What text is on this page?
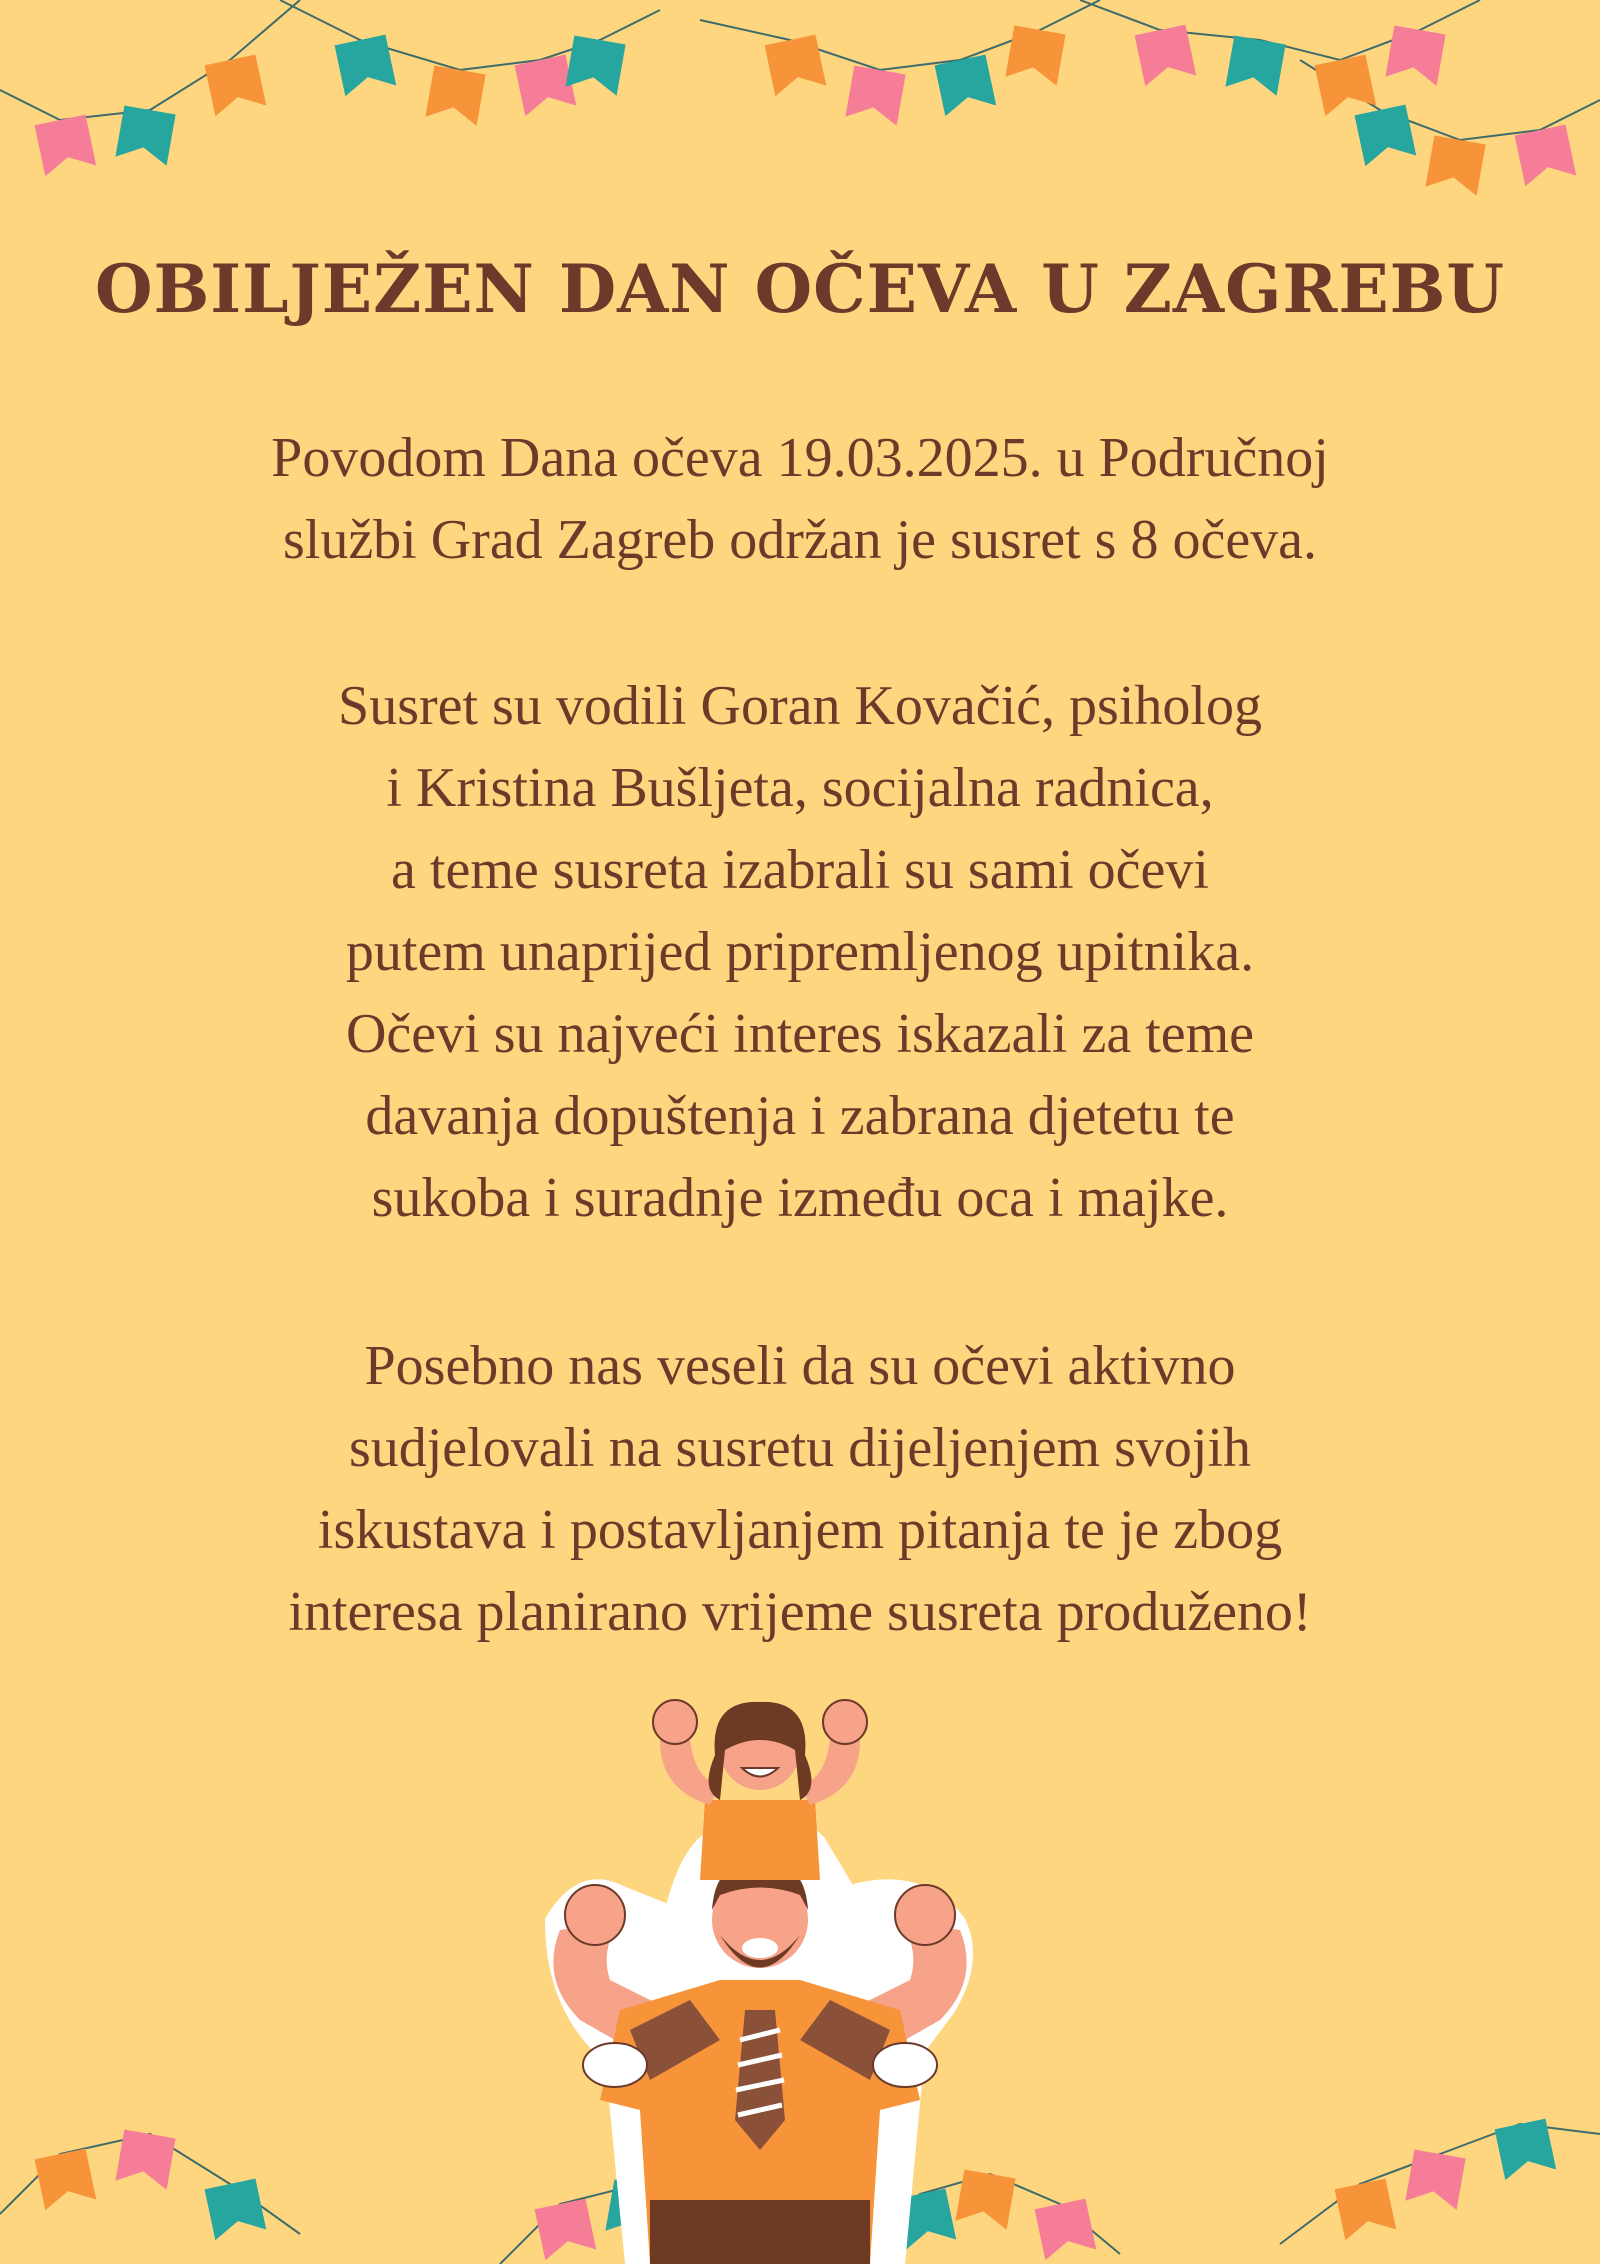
OBILJEŽEN DAN OČEVA U ZAGREBU
Povodom Dana očeva 19.03.2025. u Područnoj
službi Grad Zagreb održan je susret s 8 očeva.
Susret su vodili Goran Kovačić, psiholog
i Kristina Bušljeta, socijalna radnica,
a teme susreta izabrali su sami očevi
putem unaprijed pripremljenog upitnika.
Očevi su najveći interes iskazali za teme
davanja dopuštenja i zabrana djetetu te
sukoba i suradnje između oca i majke.
Posebno nas veseli da su očevi aktivno
sudjelovali na susretu dijeljenjem svojih
iskustava i postavljanjem pitanja te je zbog
interesa planirano vrijeme susreta produženo!
